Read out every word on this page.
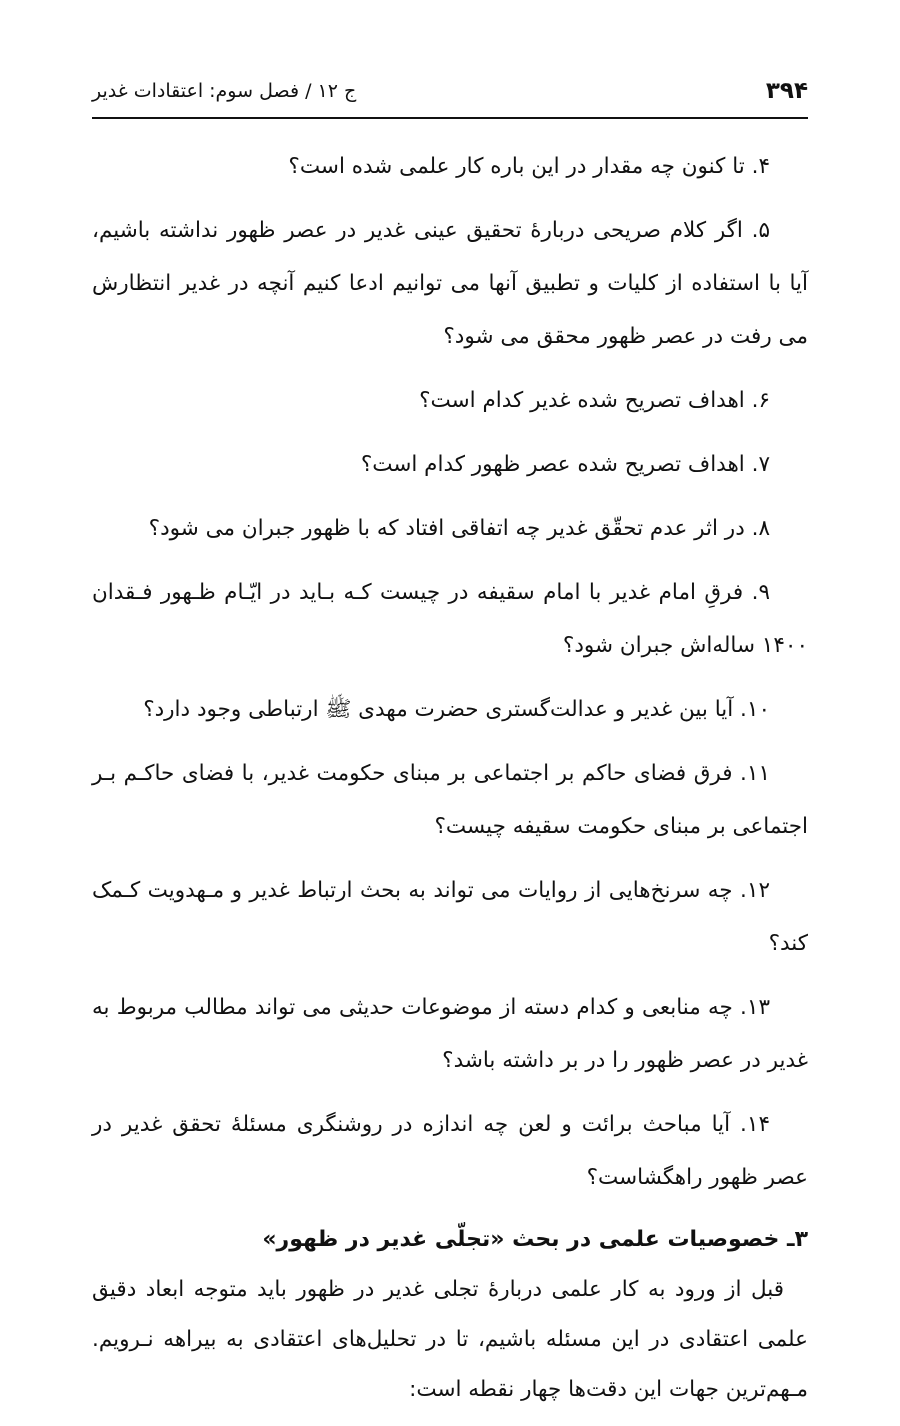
۳۹۴
ج ۱۲ / فصل سوم: اعتقادات غدیر

۴. تا کنون چه مقدار در این باره کار علمی شده است؟

۵. اگر کلام صریحی دربارهٔ تحقیق عینی غدیر در عصر ظهور نداشته باشیم، آیا با استفاده از کلیات و تطبیق آنها می توانیم ادعا کنیم آنچه در غدیر انتظارش می رفت در عصر ظهور محقق می شود؟

۶. اهداف تصریح شده غدیر کدام است؟

۷. اهداف تصریح شده عصر ظهور کدام است؟

۸. در اثر عدم تحقّق غدیر چه اتفاقی افتاد که با ظهور جبران می شود؟

۹. فرقِ امام غدیر با امام سقیفه در چیست کـه بـاید در ایّـام ظـهور فـقدان ۱۴۰۰ ساله‌اش جبران شود؟

۱۰. آیا بین غدیر و عدالت‌گستری حضرت مهدی ﷺ ارتباطی وجود دارد؟

۱۱. فرق فضای حاکم بر اجتماعی بر مبنای حکومت غدیر، با فضای حاکـم بـر اجتماعی بر مبنای حکومت سقیفه چیست؟

۱۲. چه سرنخ‌هایی از روایات می تواند به بحث ارتباط غدیر و مـهدویت کـمک کند؟

۱۳. چه منابعی و کدام دسته از موضوعات حدیثی می تواند مطالب مربوط به غدیر در عصر ظهور را در بر داشته باشد؟

۱۴. آیا مباحث برائت و لعن چه اندازه در روشنگری مسئلهٔ تحقق غدیر در عصر ظهور راهگشاست؟

۳ـ خصوصیات علمی در بحث «تجلّی غدیر در ظهور»

قبل از ورود به کار علمی دربارهٔ تجلی غدیر در ظهور باید متوجه ابعاد دقیق علمی اعتقادی در این مسئله باشیم، تا در تحلیل‌های اعتقادی به بیراهه نـرویم. مـهم‌ترین جهات این دقت‌ها چهار نقطه است:
